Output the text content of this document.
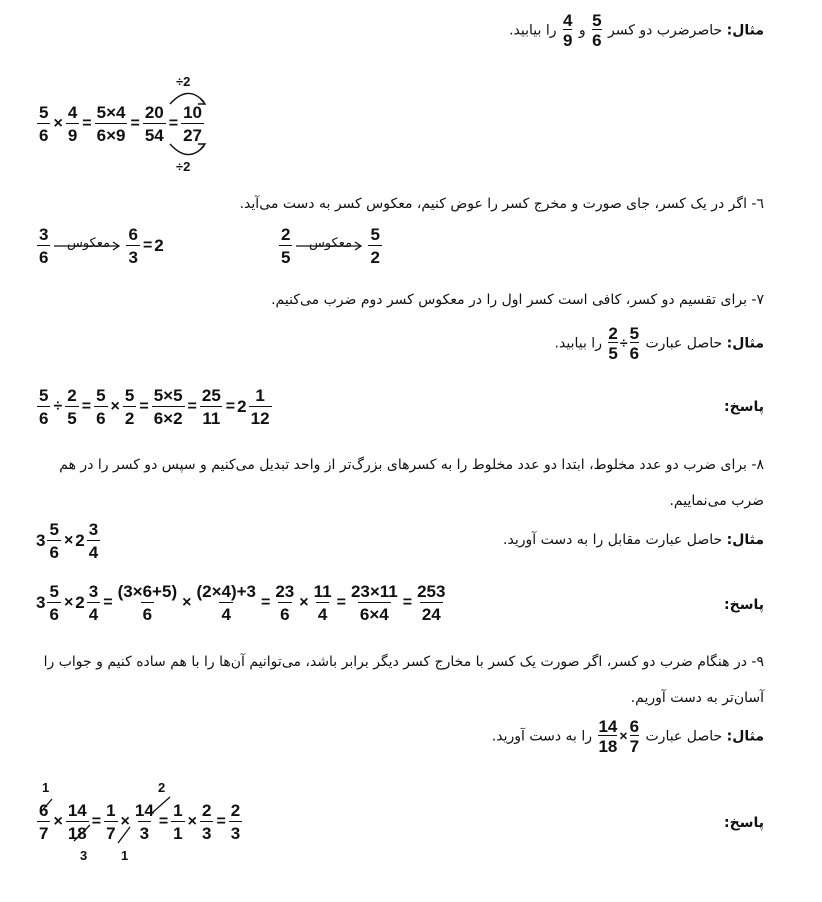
مثال: حاصرضرب دو کسر
$\frac{5}{6}$
و
$\frac{4}{9}$
را بیابید.
$\frac{5}{6} \times \frac{4}{9} = \frac{5\times 4}{6\times 9} = \frac{20}{54} = \frac{10}{27}$
÷2
÷2
٦- اگر در یک کسر، جای صورت و مخرج کسر را عوض کنیم، معکوس کسر به دست می‌آید.
$\frac{3}{6}$ معکوس $\frac{6}{3} = 2$	$\frac{2}{5}$ معکوس $\frac{5}{2}$
٧- برای تقسیم دو کسر، کافی است کسر اول را در معکوس کسر دوم ضرب می‌کنیم.
مثال: حاصل عبارت
$\frac{5}{6}$
÷
$\frac{2}{5}$
را بیابید.
$\frac{5}{6} \div \frac{2}{5} = \frac{5}{6} \times \frac{5}{2} = \frac{5\times 5}{6\times 2} = \frac{25}{11} = 2 \frac{1}{12}$	پاسخ:
٨- برای ضرب دو عدد مخلوط، ابتدا دو عدد مخلوط را به کسرهای بزرگ‌تر از واحد تبدیل می‌کنیم و سپس دو کسر را در هم ضرب می‌نماییم.
$3 \frac{5}{6} \times 2 \frac{3}{4}$	مثال: حاصل عبارت مقابل را به دست آورید.
$3 \frac{5}{6} \times 2 \frac{3}{4} = \frac{(3\times 6+5)}{6} \times \frac{(2\times 4)+3}{4} = \frac{23}{6} \times \frac{11}{4} = \frac{23\times 11}{6\times 4} = \frac{253}{24}$	پاسخ:
٩- در هنگام ضرب دو کسر، اگر صورت یک کسر با مخارج کسر دیگر برابر باشد، می‌توانیم آن‌ها را با هم ساده کنیم و جواب را آسان‌تر به دست آوریم.
مثال: حاصل عبارت
$\frac{6}{7}$
×
$\frac{14}{18}$
را به دست آورید.
$\frac{6}{7} \times \frac{14}{18} = \frac{1}{7} \times \frac{14}{3} = \frac{1}{1} \times \frac{2}{3} = \frac{2}{3}$
1
3
2
1
پاسخ:
